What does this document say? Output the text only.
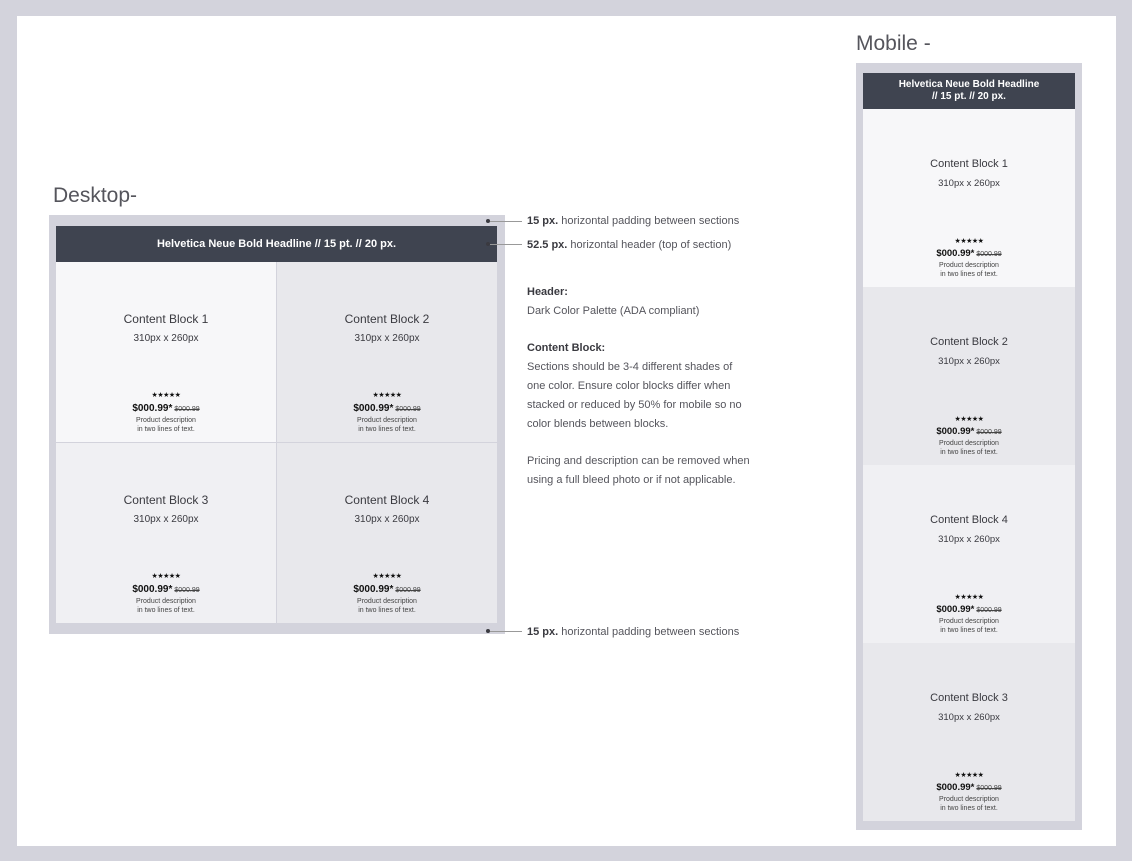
Desktop-
Helvetica Neue Bold Headline // 15 pt. // 20 px.
Content Block 1
310px x 260px
★★★★★
$000.99* $000.99
Product description
in two lines of text.
Content Block 2
310px x 260px
★★★★★
$000.99* $000.99
Product description
in two lines of text.
Content Block 3
310px x 260px
★★★★★
$000.99* $000.99
Product description
in two lines of text.
Content Block 4
310px x 260px
★★★★★
$000.99* $000.99
Product description
in two lines of text.
15 px. horizontal padding between sections
52.5 px. horizontal header (top of section)
15 px. horizontal padding between sections

Header:

Dark Color Palette (ADA compliant)

Content Block:

Sections should be 3-4 different shades of

one color. Ensure color blocks differ when

stacked or reduced by 50% for mobile so no

color blends between blocks.

Pricing and description can be removed when

using a full bleed photo or if not applicable.

Mobile -
Helvetica Neue Bold Headline
// 15 pt. // 20 px.
Content Block 1
310px x 260px
★★★★★
$000.99* $000.99
Product description
in two lines of text.
Content Block 2
310px x 260px
★★★★★
$000.99* $000.99
Product description
in two lines of text.
Content Block 4
310px x 260px
★★★★★
$000.99* $000.99
Product description
in two lines of text.
Content Block 3
310px x 260px
★★★★★
$000.99* $000.99
Product description
in two lines of text.
